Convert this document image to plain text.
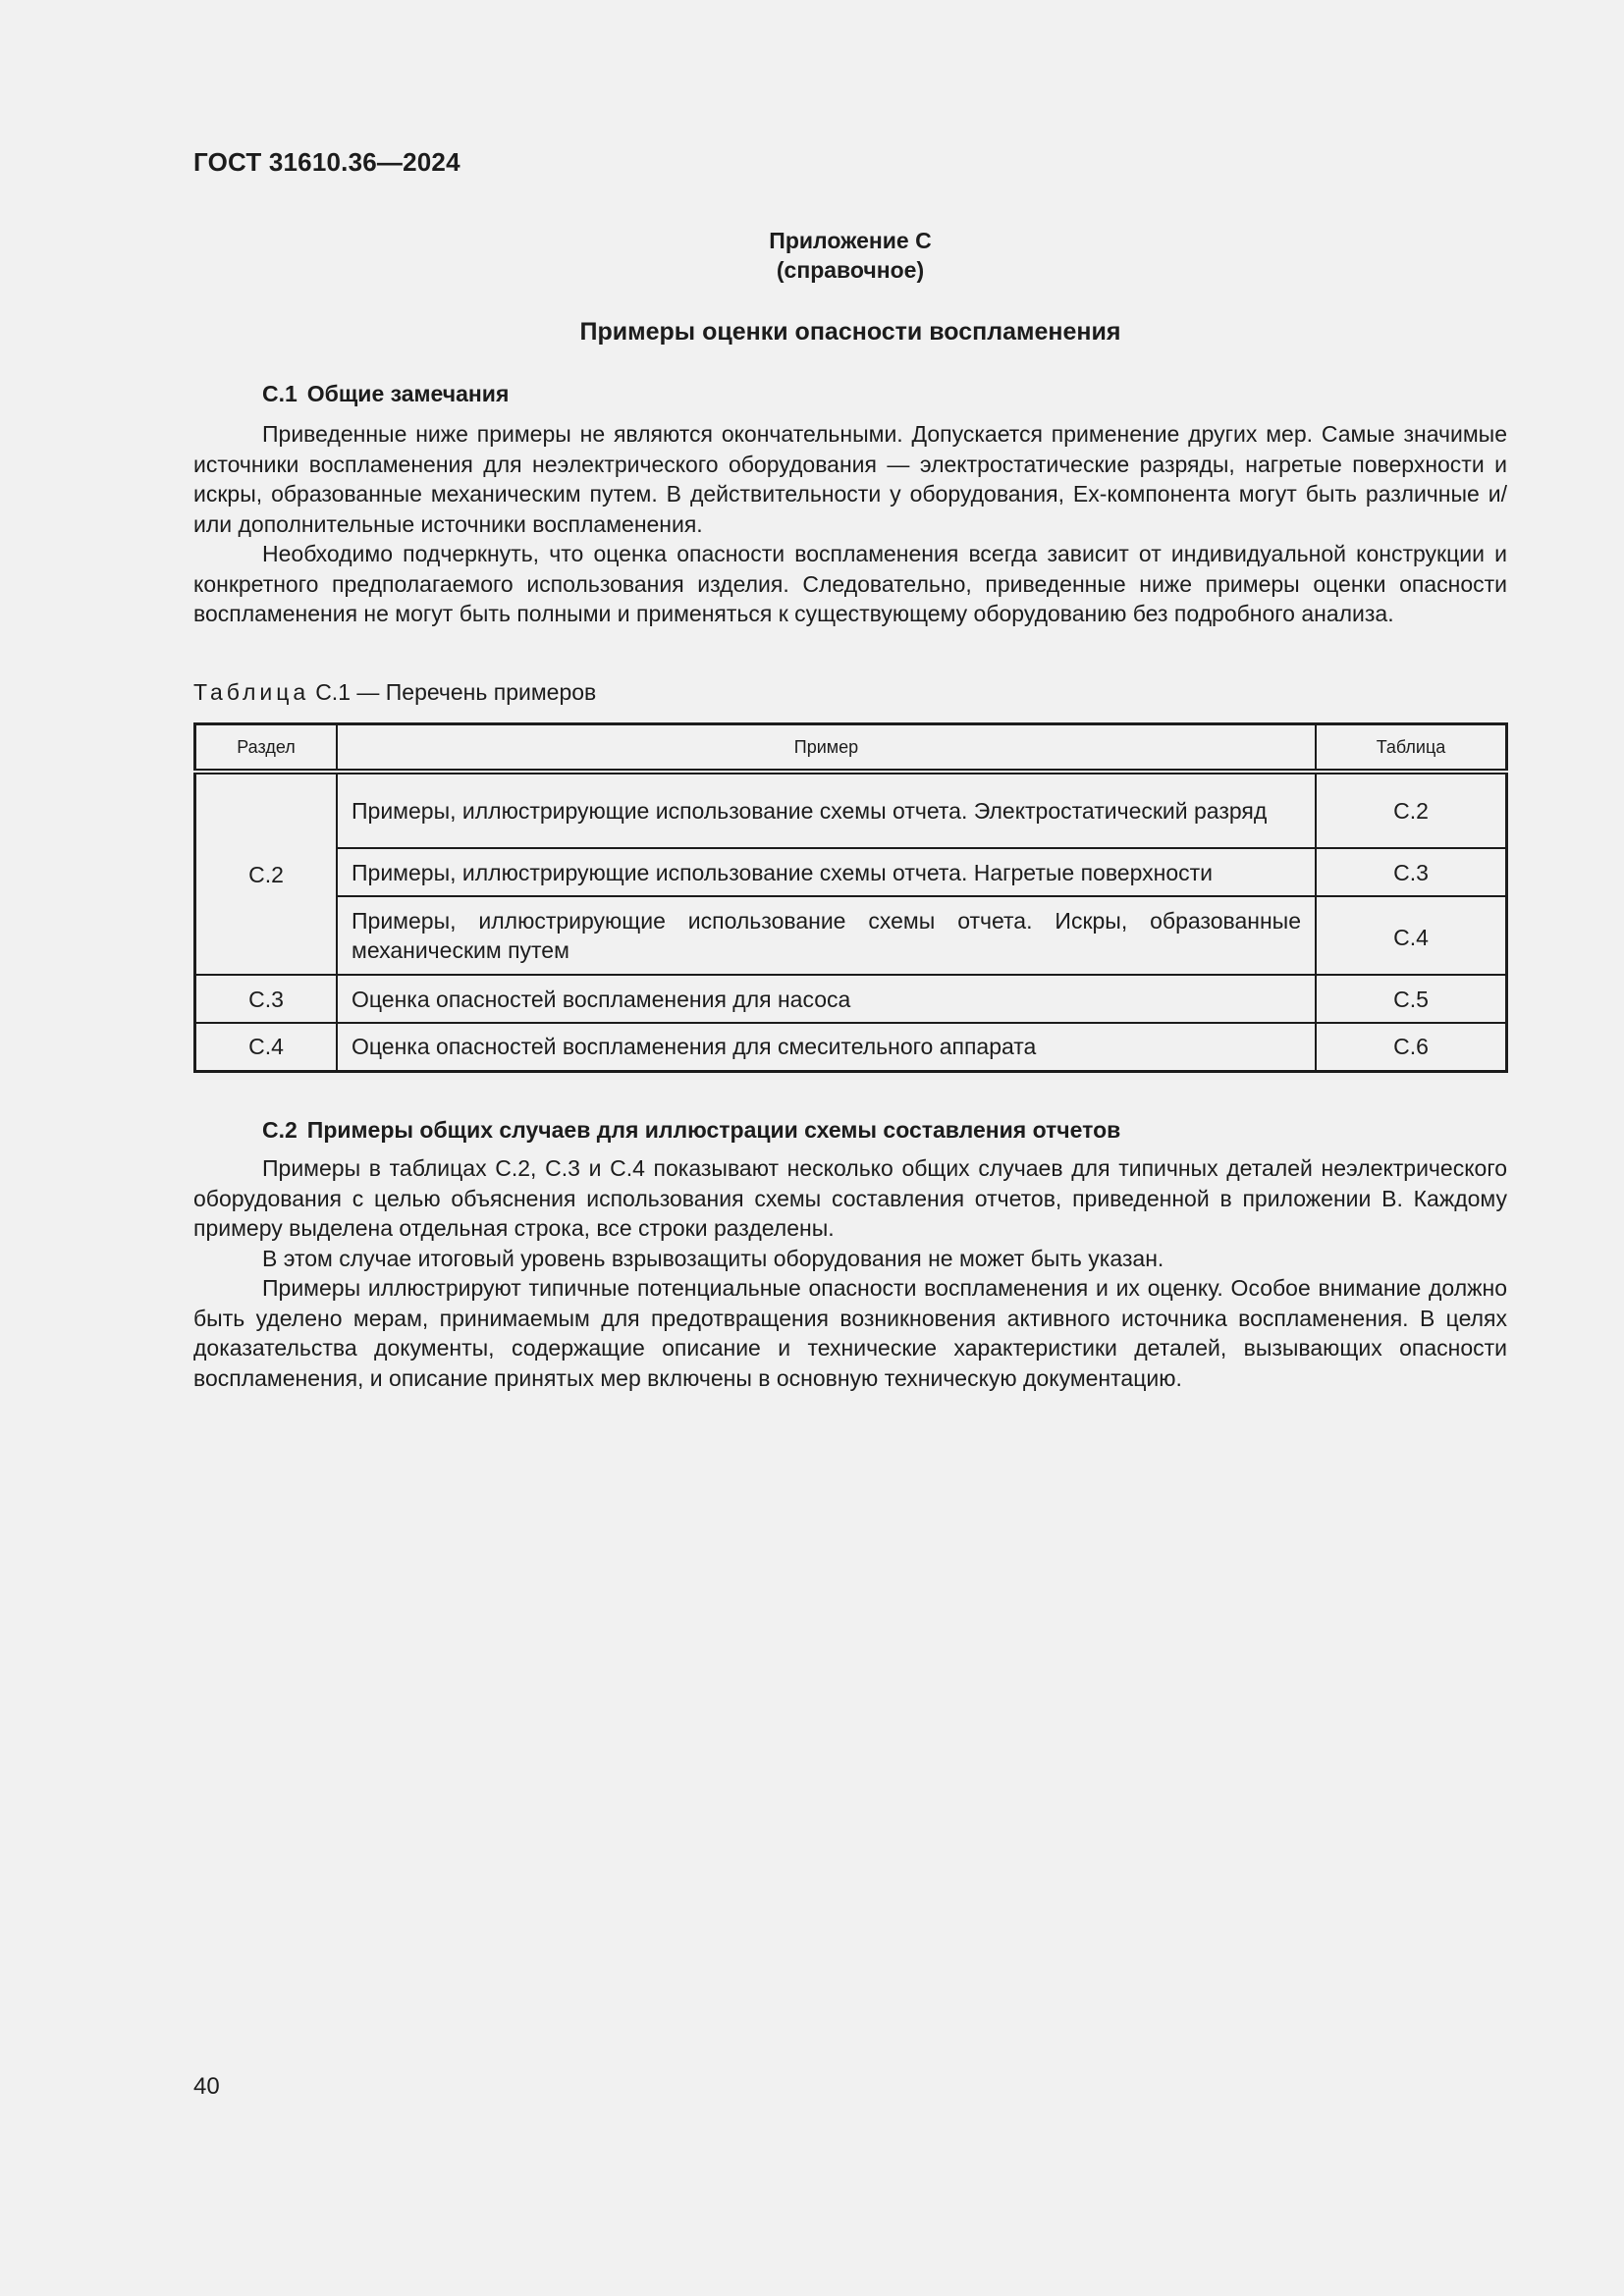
ГОСТ 31610.36—2024
Приложение С
(справочное)
Примеры оценки опасности воспламенения
С.1 Общие замечания

Приведенные ниже примеры не являются окончательными. Допускается применение других мер. Самые значимые источники воспламенения для неэлектрического оборудования — электростатические разряды, нагретые поверхности и искры, образованные механическим путем. В действительности у оборудования, Ех-компонента могут быть различные и/или дополнительные источники воспламенения.

Необходимо подчеркнуть, что оценка опасности воспламенения всегда зависит от индивидуальной конструкции и конкретного предполагаемого использования изделия. Следовательно, приведенные ниже примеры оценки опасности воспламенения не могут быть полными и применяться к существующему оборудованию без подробного анализа.

Таблица С.1 — Перечень примеров
Раздел	Пример	Таблица
С.2	Примеры, иллюстрирующие использование схемы отчета. Электростатический разряд	С.2
	Примеры, иллюстрирующие использование схемы отчета. Нагретые поверхности	С.3
	Примеры, иллюстрирующие использование схемы отчета. Искры, образованные механическим путем	С.4
С.3	Оценка опасностей воспламенения для насоса	С.5
С.4	Оценка опасностей воспламенения для смесительного аппарата	С.6
С.2 Примеры общих случаев для иллюстрации схемы составления отчетов

Примеры в таблицах С.2, С.3 и С.4 показывают несколько общих случаев для типичных деталей неэлектрического оборудования с целью объяснения использования схемы составления отчетов, приведенной в приложении В. Каждому примеру выделена отдельная строка, все строки разделены.

В этом случае итоговый уровень взрывозащиты оборудования не может быть указан.

Примеры иллюстрируют типичные потенциальные опасности воспламенения и их оценку. Особое внимание должно быть уделено мерам, принимаемым для предотвращения возникновения активного источника воспламенения. В целях доказательства документы, содержащие описание и технические характеристики деталей, вызывающих опасности воспламенения, и описание принятых мер включены в основную техническую документацию.

40
